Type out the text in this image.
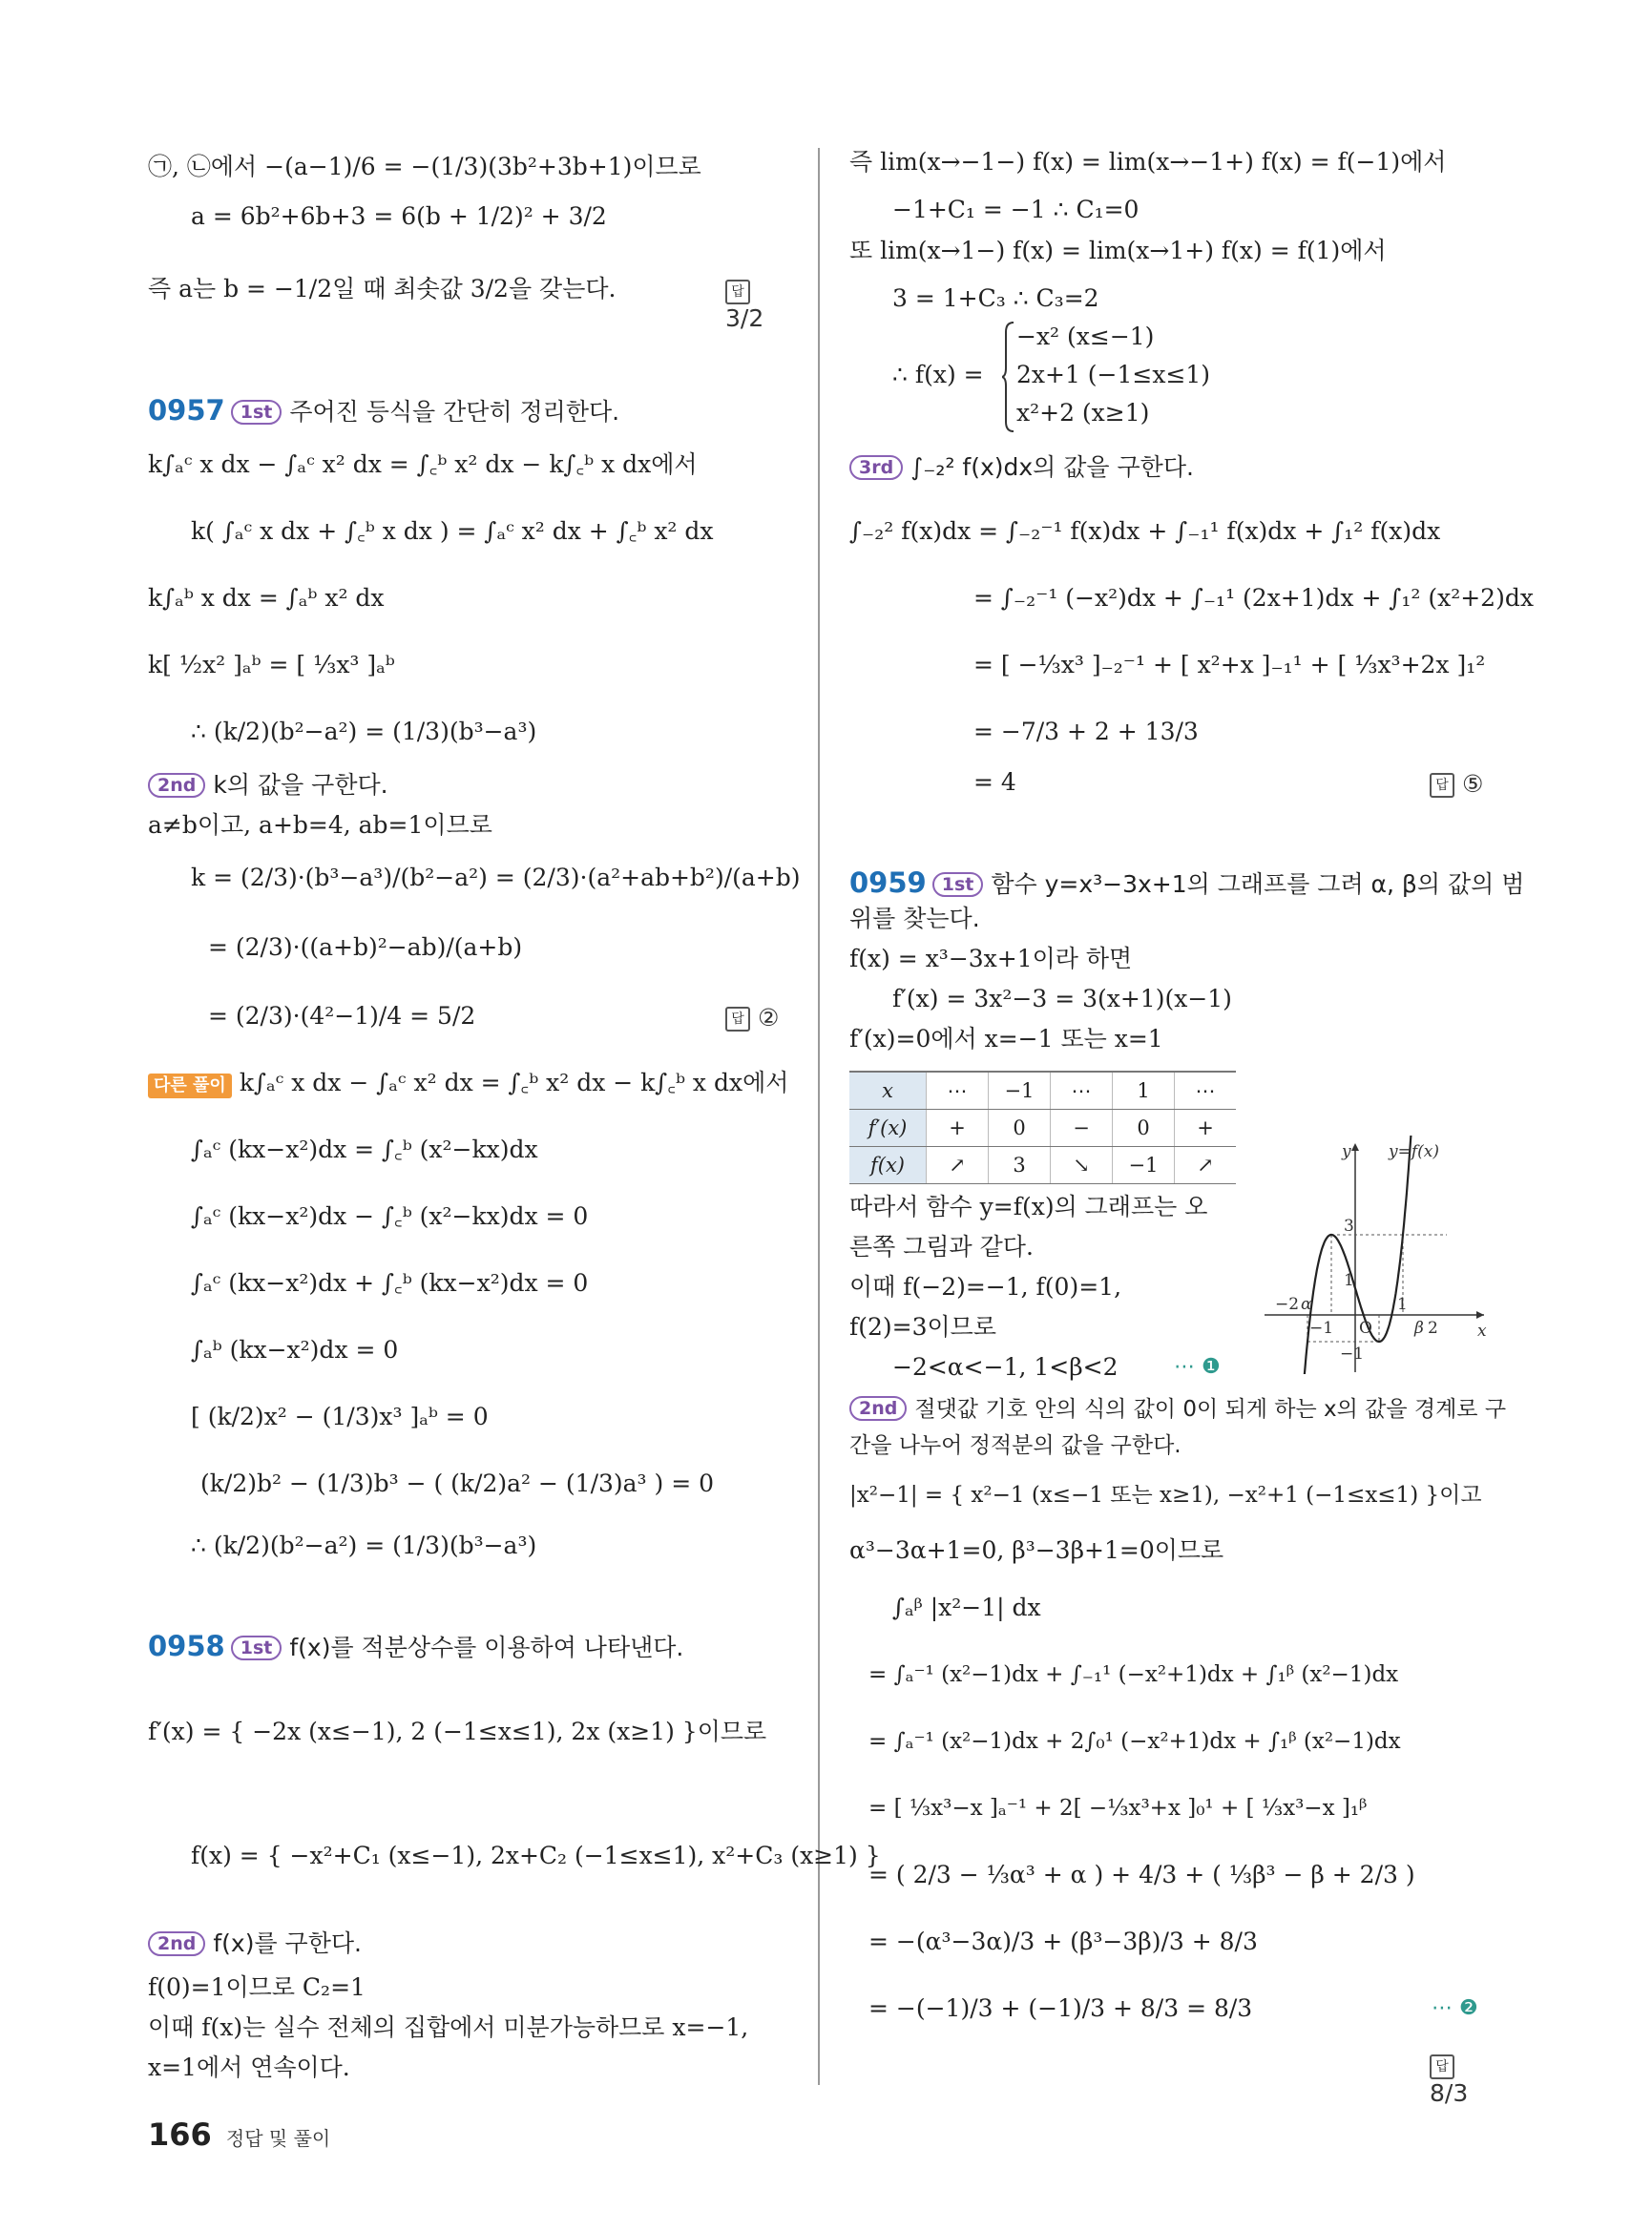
㉠, ㉡에서 −(a−1)/6 = −(1/3)(3b²+3b+1)이므로
a = 6b²+6b+3 = 6(b + 1/2)² + 3/2
즉 a는 b = −1/2일 때 최솟값 3/2을 갖는다.	답3/2
0957 1st 주어진 등식을 간단히 정리한다.
k∫ₐᶜ x dx − ∫ₐᶜ x² dx = ∫꜀ᵇ x² dx − k∫꜀ᵇ x dx에서
k( ∫ₐᶜ x dx + ∫꜀ᵇ x dx ) = ∫ₐᶜ x² dx + ∫꜀ᵇ x² dx
k∫ₐᵇ x dx = ∫ₐᵇ x² dx
k[ ½x² ]ₐᵇ = [ ⅓x³ ]ₐᵇ
∴ (k/2)(b²−a²) = (1/3)(b³−a³)
2nd k의 값을 구한다.
a≠b이고, a+b=4, ab=1이므로
k = (2/3)·(b³−a³)/(b²−a²) = (2/3)·(a²+ab+b²)/(a+b)
= (2/3)·((a+b)²−ab)/(a+b)
= (2/3)·(4²−1)/4 = 5/2	답 ②
다른 풀이 k∫ₐᶜ x dx − ∫ₐᶜ x² dx = ∫꜀ᵇ x² dx − k∫꜀ᵇ x dx에서
∫ₐᶜ (kx−x²)dx = ∫꜀ᵇ (x²−kx)dx
∫ₐᶜ (kx−x²)dx − ∫꜀ᵇ (x²−kx)dx = 0
∫ₐᶜ (kx−x²)dx + ∫꜀ᵇ (kx−x²)dx = 0
∫ₐᵇ (kx−x²)dx = 0
[ (k/2)x² − (1/3)x³ ]ₐᵇ = 0
(k/2)b² − (1/3)b³ − ( (k/2)a² − (1/3)a³ ) = 0
∴ (k/2)(b²−a²) = (1/3)(b³−a³)
0958 1st f(x)를 적분상수를 이용하여 나타낸다.
f′(x) = { −2x (x≤−1), 2 (−1≤x≤1), 2x (x≥1) }이므로
f(x) = { −x²+C₁ (x≤−1), 2x+C₂ (−1≤x≤1), x²+C₃ (x≥1) }
2nd f(x)를 구한다.
f(0)=1이므로 C₂=1
이때 f(x)는 실수 전체의 집합에서 미분가능하므로 x=−1,
x=1에서 연속이다.
즉 lim(x→−1−) f(x) = lim(x→−1+) f(x) = f(−1)에서
−1+C₁ = −1 ∴ C₁=0
또 lim(x→1−) f(x) = lim(x→1+) f(x) = f(1)에서
3 = 1+C₃ ∴ C₃=2
−x² (x≤−1)
∴ f(x) = 2x+1 (−1≤x≤1)
x²+2 (x≥1)
3rd ∫₋₂² f(x)dx의 값을 구한다.
∫₋₂² f(x)dx = ∫₋₂⁻¹ f(x)dx + ∫₋₁¹ f(x)dx + ∫₁² f(x)dx
= ∫₋₂⁻¹ (−x²)dx + ∫₋₁¹ (2x+1)dx + ∫₁² (x²+2)dx
= [ −⅓x³ ]₋₂⁻¹ + [ x²+x ]₋₁¹ + [ ⅓x³+2x ]₁²
= −7/3 + 2 + 13/3
= 4	답 ⑤
0959 1st 함수 y=x³−3x+1의 그래프를 그려 α, β의 값의 범
위를 찾는다.
f(x) = x³−3x+1이라 하면
f′(x) = 3x²−3 = 3(x+1)(x−1)
f′(x)=0에서 x=−1 또는 x=1
x	⋯	−1	⋯	1	⋯
f′(x)	+	0	−	0	+
f(x)	↗	3	↘	−1	↗
따라서 함수 y=f(x)의 그래프는 오
른쪽 그림과 같다.
이때 f(−2)=−1, f(0)=1,
f(2)=3이므로
−2<α<−1, 1<β<2	⋯ ❶
y y=f(x)
x
O
3
1
−1
−2 α
−1
1
β 2
2nd 절댓값 기호 안의 식의 값이 0이 되게 하는 x의 값을 경계로 구
간을 나누어 정적분의 값을 구한다.
|x²−1| = { x²−1 (x≤−1 또는 x≥1), −x²+1 (−1≤x≤1) }이고
α³−3α+1=0, β³−3β+1=0이므로
∫ₐᵝ |x²−1| dx
= ∫ₐ⁻¹ (x²−1)dx + ∫₋₁¹ (−x²+1)dx + ∫₁ᵝ (x²−1)dx
= ∫ₐ⁻¹ (x²−1)dx + 2∫₀¹ (−x²+1)dx + ∫₁ᵝ (x²−1)dx
= [ ⅓x³−x ]ₐ⁻¹ + 2[ −⅓x³+x ]₀¹ + [ ⅓x³−x ]₁ᵝ
= ( 2/3 − ⅓α³ + α ) + 4/3 + ( ⅓β³ − β + 2/3 )
= −(α³−3α)/3 + (β³−3β)/3 + 8/3
= −(−1)/3 + (−1)/3 + 8/3 = 8/3	⋯ ❷
답8/3
166 정답 및 풀이
